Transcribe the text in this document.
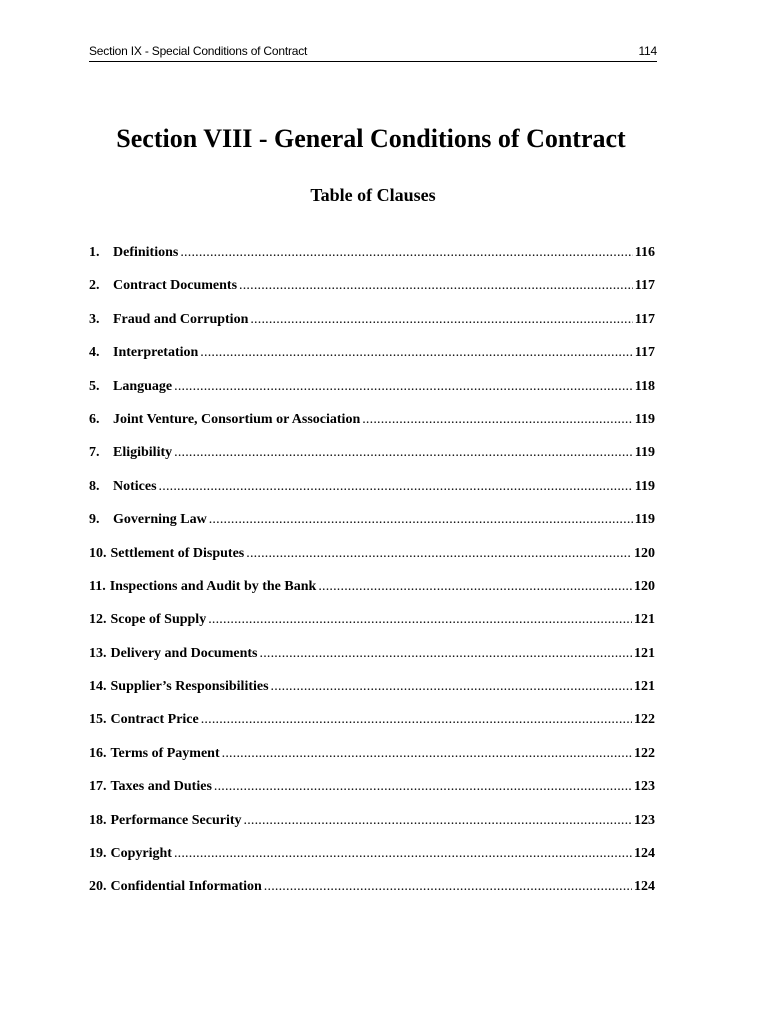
Section IX - Special Conditions of Contract	114
Section VIII - General Conditions of Contract
Table of Clauses
1. Definitions .....	116
2. Contract Documents .....	117
3. Fraud and Corruption .....	117
4. Interpretation .....	117
5. Language .....	118
6. Joint Venture, Consortium or Association .....	119
7. Eligibility .....	119
8. Notices .....	119
9. Governing Law .....	119
10. Settlement of Disputes .....	120
11. Inspections and Audit by the Bank .....	120
12. Scope of Supply .....	121
13. Delivery and Documents .....	121
14. Supplier’s Responsibilities .....	121
15. Contract Price .....	122
16. Terms of Payment .....	122
17. Taxes and Duties .....	123
18. Performance Security .....	123
19. Copyright .....	124
20. Confidential Information .....	124
